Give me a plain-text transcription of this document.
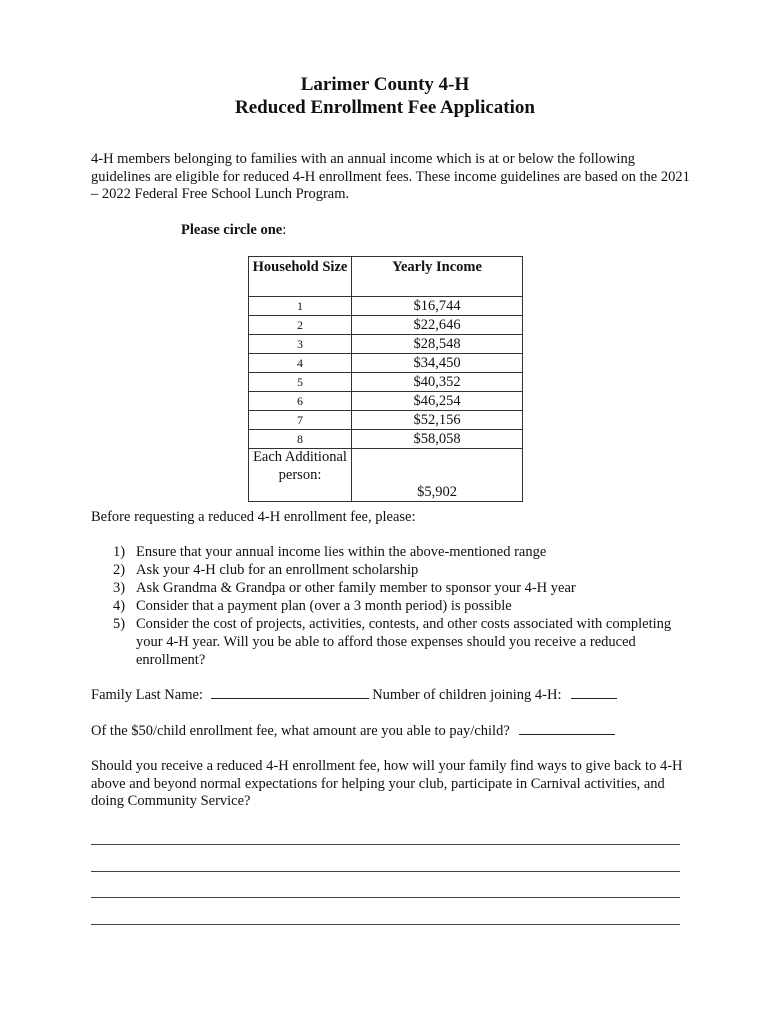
Larimer County 4-H
Reduced Enrollment Fee Application
4-H members belonging to families with an annual income which is at or below the following guidelines are eligible for reduced 4-H enrollment fees. These income guidelines are based on the 2021 – 2022 Federal Free School Lunch Program.
Please circle one:
Household Size	Yearly Income
1	$16,744
2	$22,646
3	$28,548
4	$34,450
5	$40,352
6	$46,254
7	$52,156
8	$58,058
Each Additional person:	$5,902
Before requesting a reduced 4-H enrollment fee, please:
1) Ensure that your annual income lies within the above-mentioned range
2) Ask your 4-H club for an enrollment scholarship
3) Ask Grandma & Grandpa or other family member to sponsor your 4-H year
4) Consider that a payment plan (over a 3 month period) is possible
5) Consider the cost of projects, activities, contests, and other costs associated with completing your 4-H year. Will you be able to afford those expenses should you receive a reduced enrollment?
Family Last Name:	Number of children joining 4-H:
Of the $50/child enrollment fee, what amount are you able to pay/child?
Should you receive a reduced 4-H enrollment fee, how will your family find ways to give back to 4-H above and beyond normal expectations for helping your club, participate in Carnival activities, and doing Community Service?
